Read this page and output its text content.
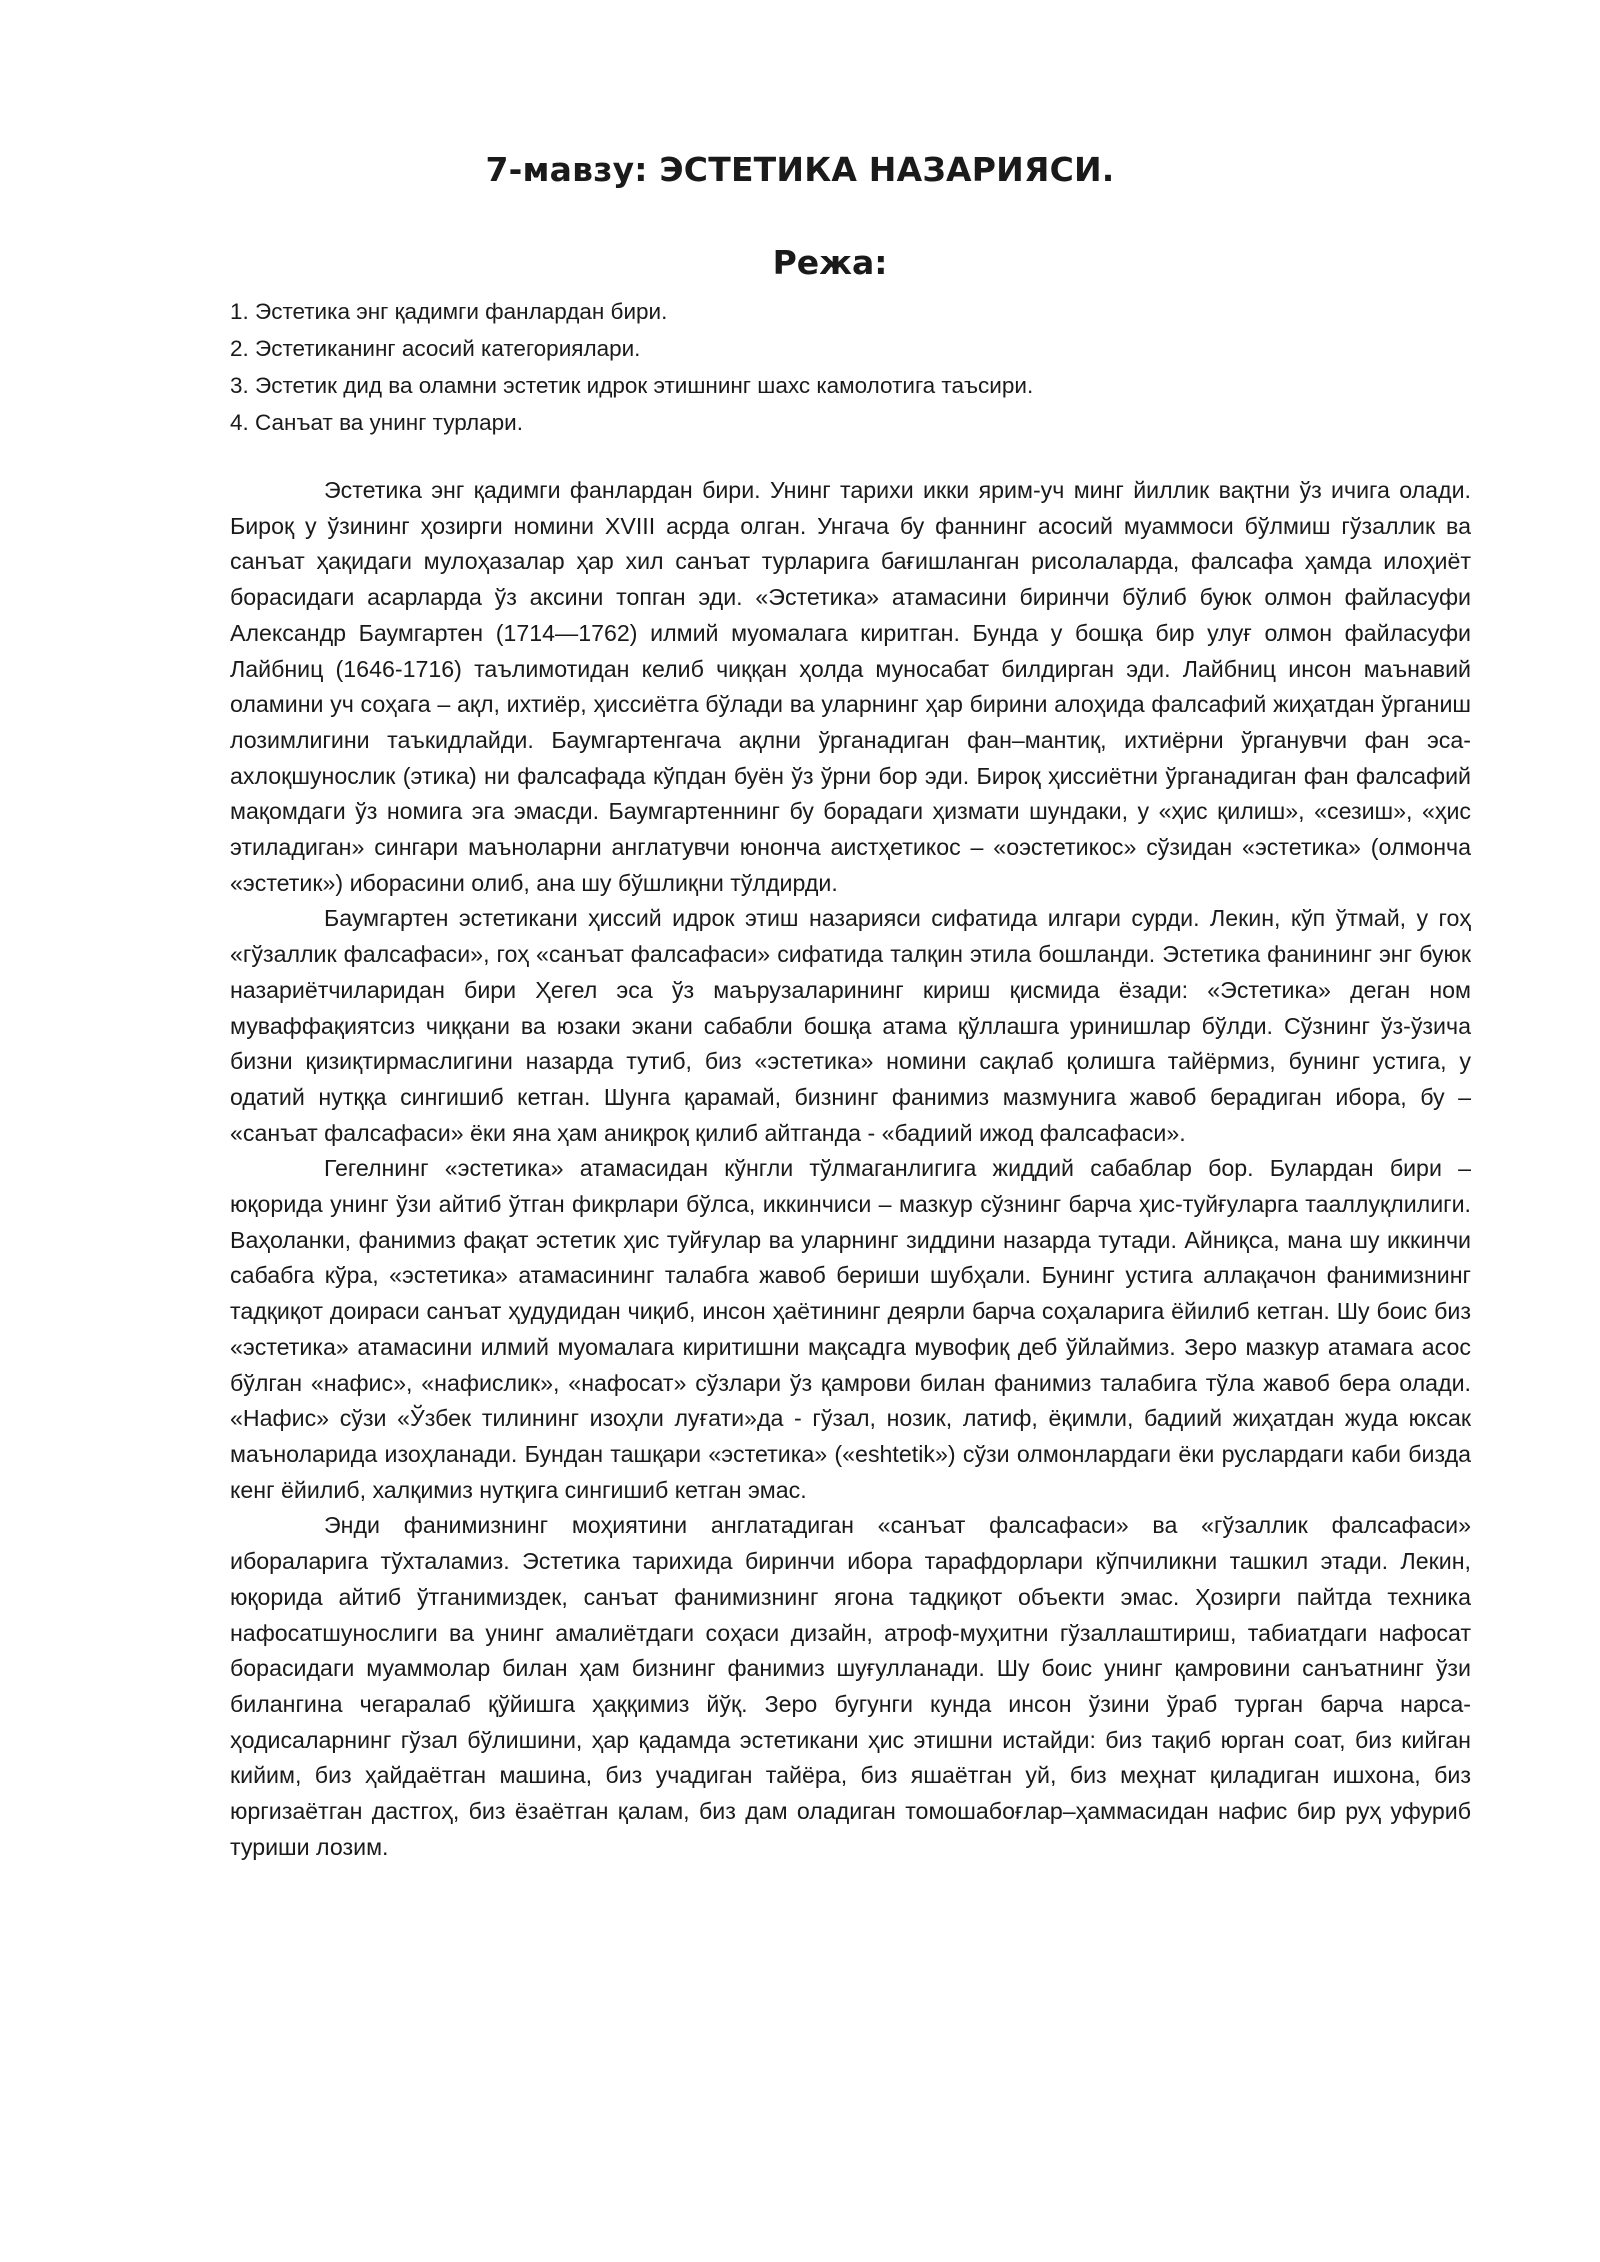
7-мавзу: ЭСТЕТИКА НАЗАРИЯСИ.
Режа:
1. Эстетика энг қадимги фанлардан бири.
2. Эстетиканинг асосий категориялари.
3. Эстетик дид ва оламни эстетик идрок этишнинг шахс камолотига таъсири.
4. Санъат ва унинг турлари.

Эстетика энг қадимги фанлардан бири. Унинг тарихи икки ярим-уч минг йиллик вақтни ўз ичига олади. Бироқ у ўзининг ҳозирги номини XVIII асрда олган. Унгача бу фаннинг асосий муаммоси бўлмиш гўзаллик ва санъат ҳақидаги мулоҳазалар ҳар хил санъат турларига бағишланган рисолаларда, фалсафа ҳамда илоҳиёт борасидаги асарларда ўз аксини топган эди. «Эстетика» атамасини биринчи бўлиб буюк олмон файласуфи Александр Баумгартен (1714—1762) илмий муомалага киритган. Бунда у бошқа бир улуғ олмон файласуфи Лайбниц (1646-1716) таълимотидан келиб чиққан ҳолда муносабат билдирган эди. Лайбниц инсон маънавий оламини уч соҳага – ақл, ихтиёр, ҳиссиётга бўлади ва уларнинг ҳар бирини алоҳида фалсафий жиҳатдан ўрганиш лозимлигини таъкидлайди. Баумгартенгача ақлни ўрганадиган фан–мантиқ, ихтиёрни ўрганувчи фан эса-ахлоқшунослик (этика) ни фалсафада кўпдан буён ўз ўрни бор эди. Бироқ ҳиссиётни ўрганадиган фан фалсафий мақомдаги ўз номига эга эмасди. Баумгартеннинг бу борадаги ҳизмати шундаки, у «ҳис қилиш», «сезиш», «ҳис этиладиган» сингари маъноларни англатувчи юнонча аистҳетикос – «оэстетикос» сўзидан «эстетика» (олмонча «эстетик») иборасини олиб, ана шу бўшлиқни тўлдирди.

Баумгартен эстетикани ҳиссий идрок этиш назарияси сифатида илгари сурди. Лекин, кўп ўтмай, у гоҳ «гўзаллик фалсафаси», гоҳ «санъат фалсафаси» сифатида талқин этила бошланди. Эстетика фанининг энг буюк назариётчиларидан бири Ҳегел эса ўз маърузаларининг кириш қисмида ёзади: «Эстетика» деган ном муваффақиятсиз чиққани ва юзаки экани сабабли бошқа атама қўллашга уринишлар бўлди. Сўзнинг ўз-ўзича бизни қизиқтирмаслигини назарда тутиб, биз «эстетика» номини сақлаб қолишга тайёрмиз, бунинг устига, у одатий нутққа сингишиб кетган. Шунга қарамай, бизнинг фанимиз мазмунига жавоб берадиган ибора, бу – «санъат фалсафаси» ёки яна ҳам аниқроқ қилиб айтганда - «бадиий ижод фалсафаси».

Гегелнинг «эстетика» атамасидан кўнгли тўлмаганлигига жиддий сабаблар бор. Булардан бири – юқорида унинг ўзи айтиб ўтган фикрлари бўлса, иккинчиси – мазкур сўзнинг барча ҳис-туйғуларга тааллуқлилиги. Ваҳоланки, фанимиз фақат эстетик ҳис туйғулар ва уларнинг зиддини назарда тутади. Айниқса, мана шу иккинчи сабабга кўра, «эстетика» атамасининг талабга жавоб бериши шубҳали. Бунинг устига аллақачон фанимизнинг тадқиқот доираси санъат ҳудудидан чиқиб, инсон ҳаётининг деярли барча соҳаларига ёйилиб кетган. Шу боис биз «эстетика» атамасини илмий муомалага киритишни мақсадга мувофиқ деб ўйлаймиз. Зеро мазкур атамага асос бўлган «нафис», «нафислик», «нафосат» сўзлари ўз қамрови билан фанимиз талабига тўла жавоб бера олади. «Нафис» сўзи «Ўзбек тилининг изоҳли луғати»да - гўзал, нозик, латиф, ёқимли, бадиий жиҳатдан жуда юксак маъноларида изоҳланади. Бундан ташқари «эстетика» («eshtetik») сўзи олмонлардаги ёки руслардаги каби бизда кенг ёйилиб, халқимиз нутқига сингишиб кетган эмас.

Энди фанимизнинг моҳиятини англатадиган «санъат фалсафаси» ва «гўзаллик фалсафаси» ибораларига тўхталамиз. Эстетика тарихида биринчи ибора тарафдорлари кўпчиликни ташкил этади. Лекин, юқорида айтиб ўтганимиздек, санъат фанимизнинг ягона тадқиқот объекти эмас. Ҳозирги пайтда техника нафосатшунослиги ва унинг амалиётдаги соҳаси дизайн, атроф-муҳитни гўзаллаштириш, табиатдаги нафосат борасидаги муаммолар билан ҳам бизнинг фанимиз шуғулланади. Шу боис унинг қамровини санъатнинг ўзи билангина чегаралаб қўйишга ҳаққимиз йўқ. Зеро бугунги кунда инсон ўзини ўраб турган барча нарса-ҳодисаларнинг гўзал бўлишини, ҳар қадамда эстетикани ҳис этишни истайди: биз тақиб юрган соат, биз кийган кийим, биз ҳайдаётган машина, биз учадиган тайёра, биз яшаётган уй, биз меҳнат қиладиган ишхона, биз юргизаётган дастгоҳ, биз ёзаётган қалам, биз дам оладиган томошабоғлар–ҳаммасидан нафис бир руҳ уфуриб туриши лозим.
